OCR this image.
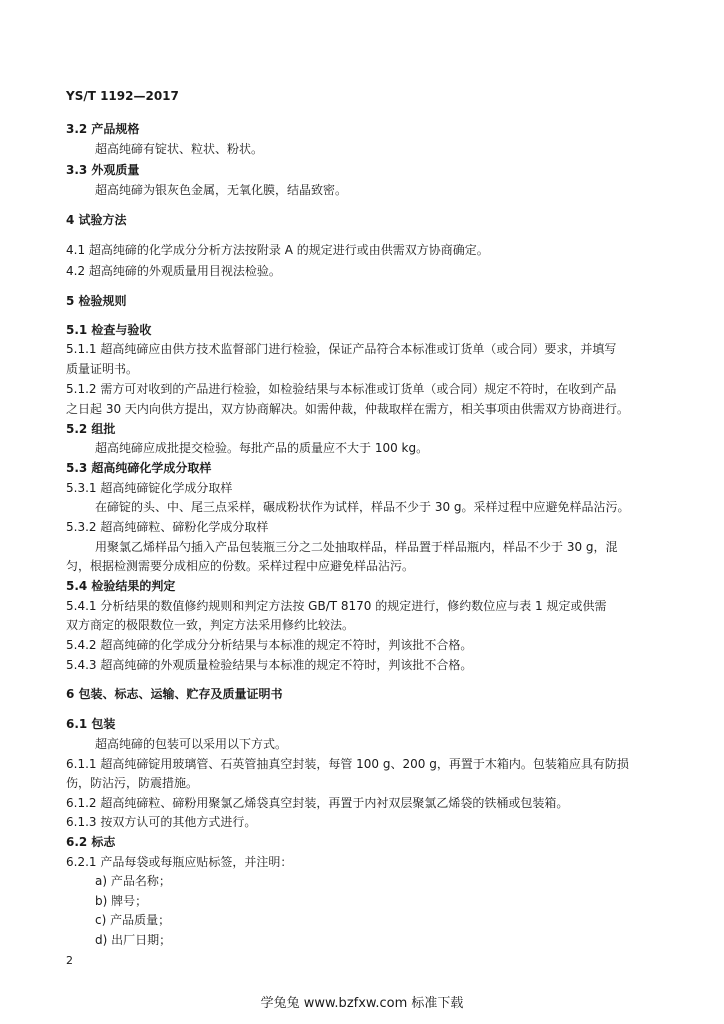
YS/T 1192—2017
3.2 产品规格
超高纯碲有锭状、粒状、粉状。
3.3 外观质量
超高纯碲为银灰色金属，无氧化膜，结晶致密。
4 试验方法
4.1 超高纯碲的化学成分分析方法按附录 A 的规定进行或由供需双方协商确定。
4.2 超高纯碲的外观质量用目视法检验。
5 检验规则
5.1 检查与验收
5.1.1 超高纯碲应由供方技术监督部门进行检验，保证产品符合本标准或订货单（或合同）要求，并填写
质量证明书。
5.1.2 需方可对收到的产品进行检验，如检验结果与本标准或订货单（或合同）规定不符时，在收到产品
之日起 30 天内向供方提出，双方协商解决。如需仲裁，仲裁取样在需方，相关事项由供需双方协商进行。
5.2 组批
超高纯碲应成批提交检验。每批产品的质量应不大于 100 kg。
5.3 超高纯碲化学成分取样
5.3.1 超高纯碲锭化学成分取样
在碲锭的头、中、尾三点采样，碾成粉状作为试样，样品不少于 30 g。采样过程中应避免样品沾污。
5.3.2 超高纯碲粒、碲粉化学成分取样
用聚氯乙烯样品勺插入产品包装瓶三分之二处抽取样品，样品置于样品瓶内，样品不少于 30 g，混
匀，根据检测需要分成相应的份数。采样过程中应避免样品沾污。
5.4 检验结果的判定
5.4.1 分析结果的数值修约规则和判定方法按 GB/T 8170 的规定进行，修约数位应与表 1 规定或供需
双方商定的极限数位一致，判定方法采用修约比较法。
5.4.2 超高纯碲的化学成分分析结果与本标准的规定不符时，判该批不合格。
5.4.3 超高纯碲的外观质量检验结果与本标准的规定不符时，判该批不合格。
6 包装、标志、运输、贮存及质量证明书
6.1 包装
超高纯碲的包装可以采用以下方式。
6.1.1 超高纯碲锭用玻璃管、石英管抽真空封装，每管 100 g、200 g，再置于木箱内。包装箱应具有防损
伤，防沾污，防震措施。
6.1.2 超高纯碲粒、碲粉用聚氯乙烯袋真空封装，再置于内衬双层聚氯乙烯袋的铁桶或包装箱。
6.1.3 按双方认可的其他方式进行。
6.2 标志
6.2.1 产品每袋或每瓶应贴标签，并注明：
a) 产品名称；
b) 牌号；
c) 产品质量；
d) 出厂日期；
2
学兔兔 www.bzfxw.com 标准下载
